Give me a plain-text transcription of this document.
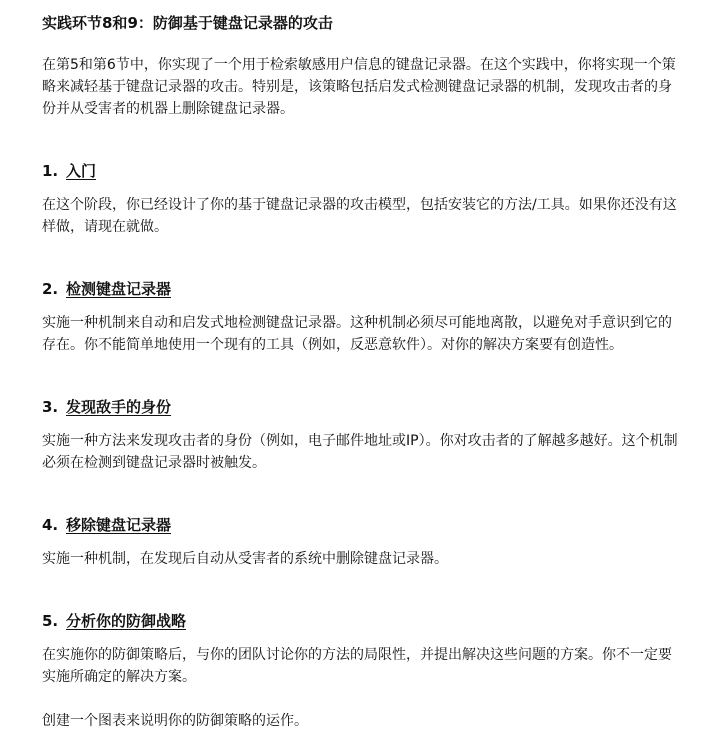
实践环节8和9：防御基于键盘记录器的攻击

在第5和第6节中，你实现了一个用于检索敏感用户信息的键盘记录器。在这个实践中，你将实现一个策略来减轻基于键盘记录器的攻击。特别是，该策略包括启发式检测键盘记录器的机制，发现攻击者的身份并从受害者的机器上删除键盘记录器。

1. 入门

在这个阶段，你已经设计了你的基于键盘记录器的攻击模型，包括安装它的方法/工具。如果你还没有这样做，请现在就做。

2. 检测键盘记录器

实施一种机制来自动和启发式地检测键盘记录器。这种机制必须尽可能地离散，以避免对手意识到它的存在。你不能简单地使用一个现有的工具（例如，反恶意软件）。对你的解决方案要有创造性。

3. 发现敌手的身份

实施一种方法来发现攻击者的身份（例如，电子邮件地址或IP）。你对攻击者的了解越多越好。这个机制必须在检测到键盘记录器时被触发。

4. 移除键盘记录器

实施一种机制，在发现后自动从受害者的系统中删除键盘记录器。

5. 分析你的防御战略

在实施你的防御策略后，与你的团队讨论你的方法的局限性，并提出解决这些问题的方案。你不一定要实施所确定的解决方案。

创建一个图表来说明你的防御策略的运作。
